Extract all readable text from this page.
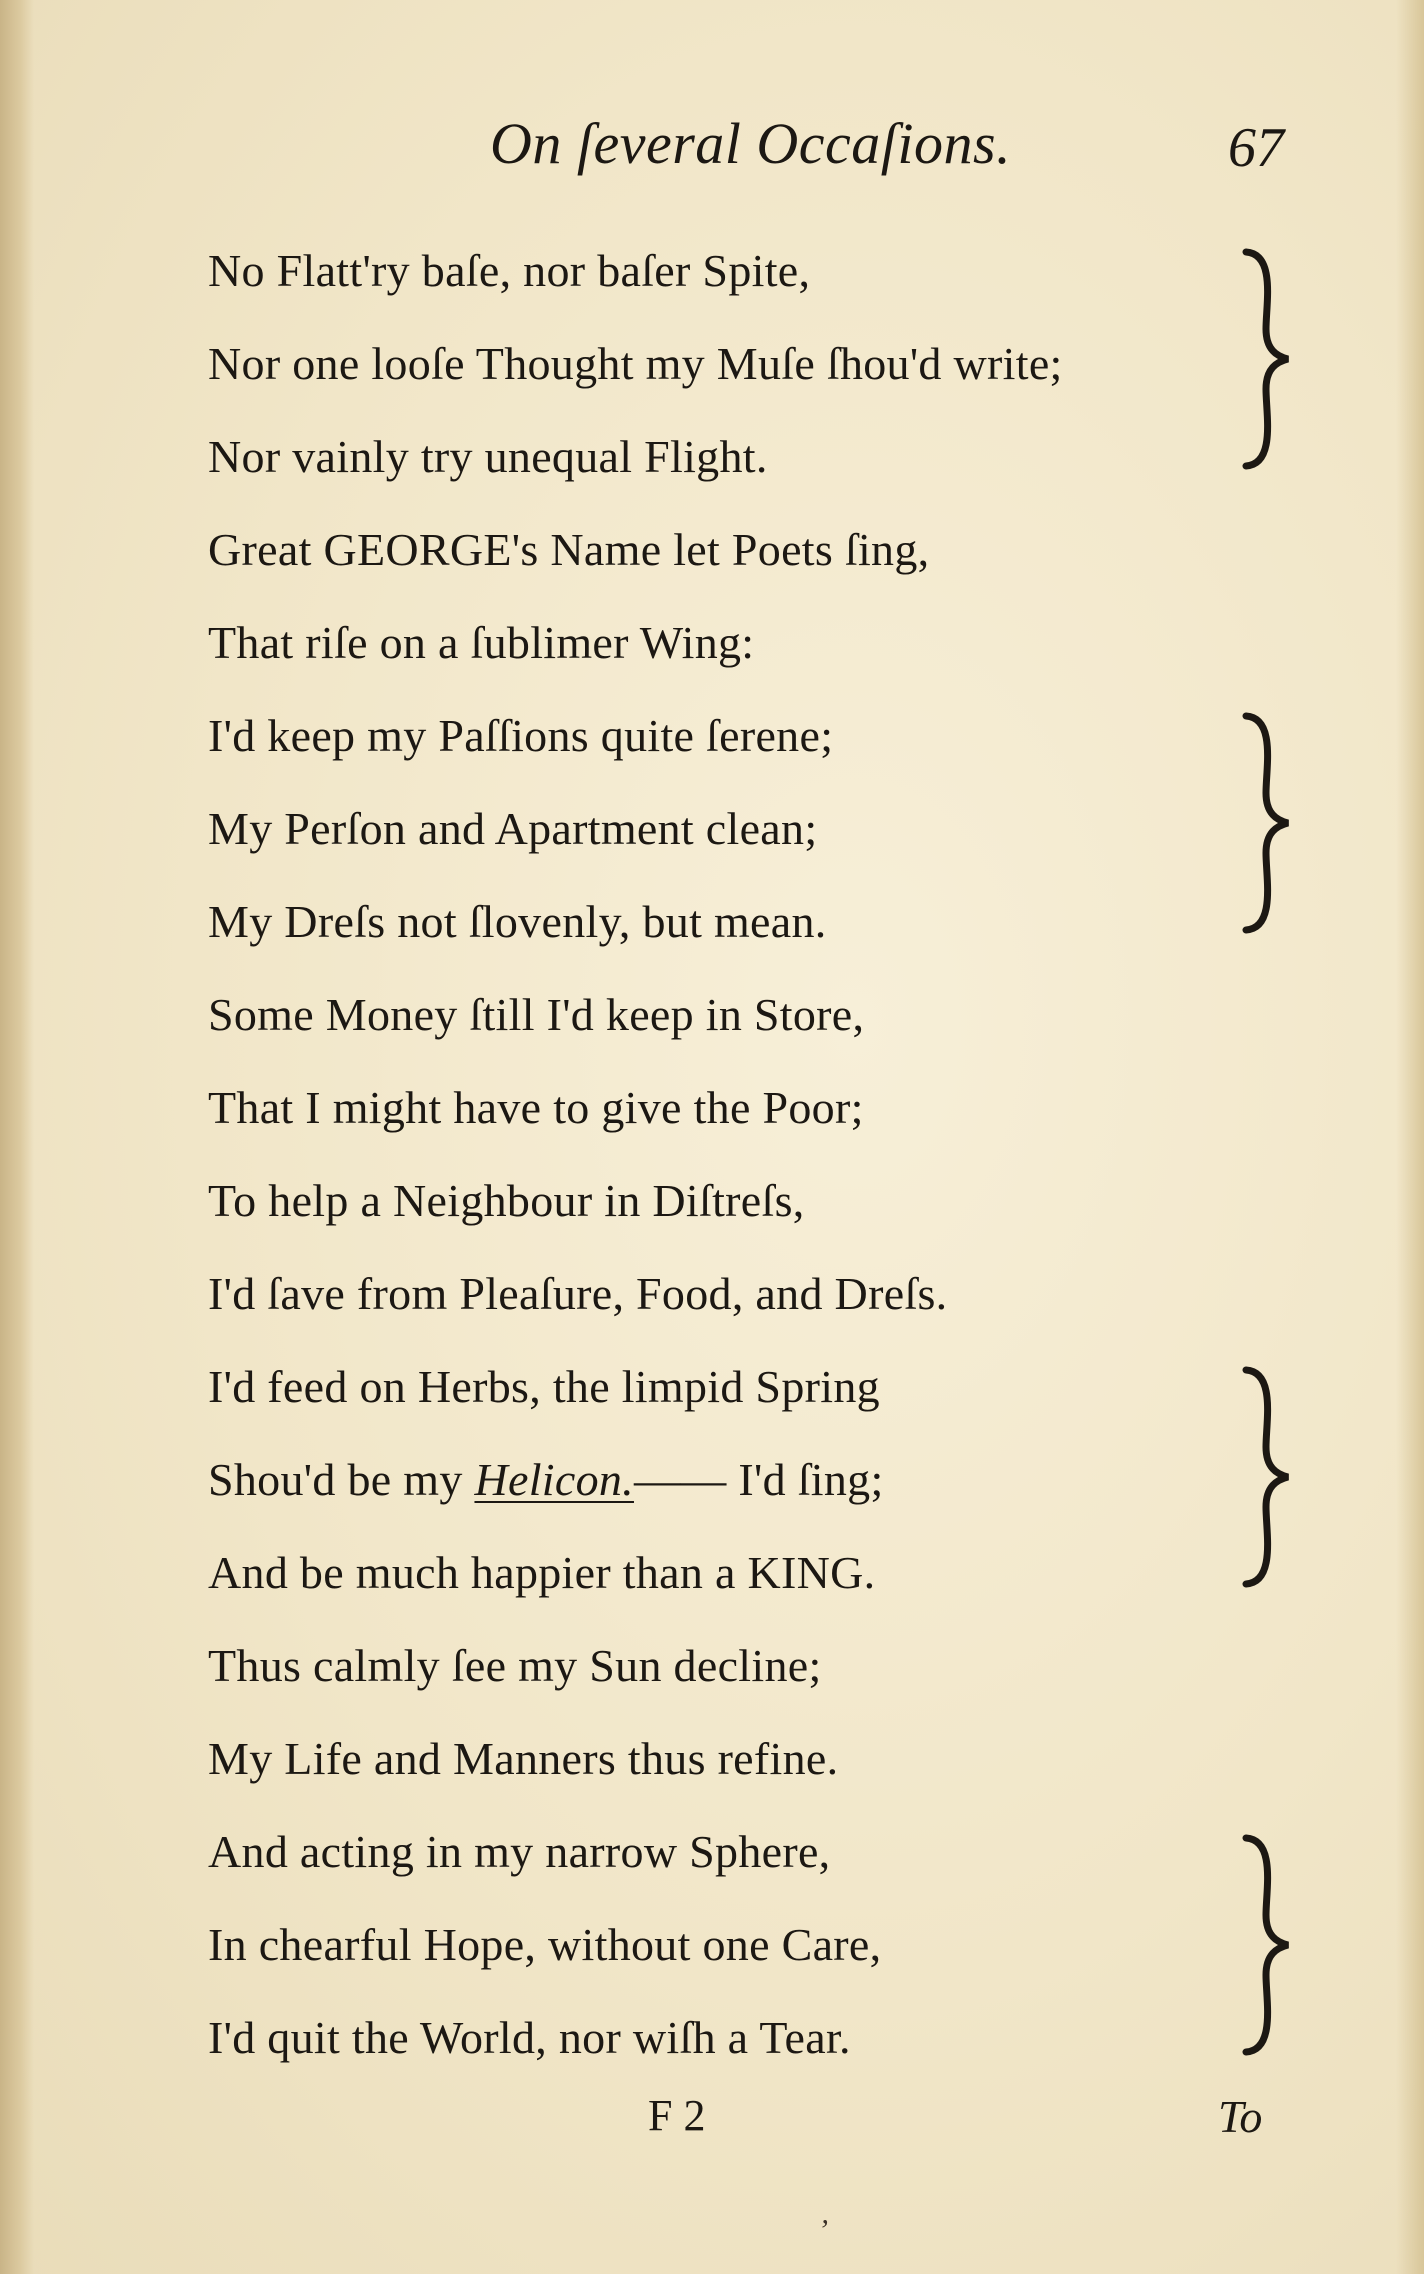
On ſeveral Occaſions.	67
No Flatt'ry baſe, nor baſer Spite,
Nor one looſe Thought my Muſe ſhou'd write;
Nor vainly try unequal Flight.
Great GEORGE's Name let Poets ſing,
That riſe on a ſublimer Wing:
I'd keep my Paſſions quite ſerene;
My Perſon and Apartment clean;
My Dreſs not ſlovenly, but mean.
Some Money ſtill I'd keep in Store,
That I might have to give the Poor;
To help a Neighbour in Diſtreſs,
I'd ſave from Pleaſure, Food, and Dreſs.
I'd feed on Herbs, the limpid Spring
Shou'd be my Helicon.—— I'd ſing;
And be much happier than a KING.
Thus calmly ſee my Sun decline;
My Life and Manners thus refine.
And acting in my narrow Sphere,
In chearful Hope, without one Care,
I'd quit the World, nor wiſh a Tear.
F 2	To
ʼ
